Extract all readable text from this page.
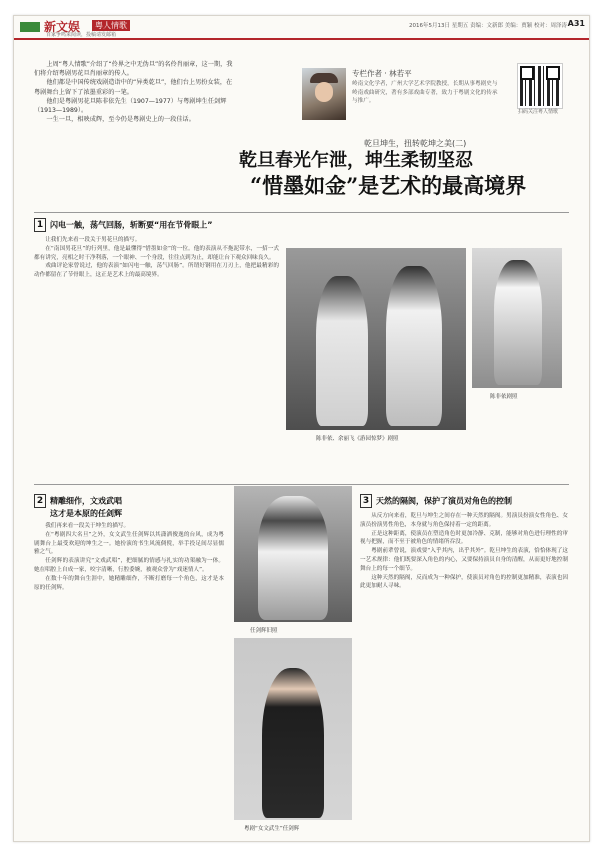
新文娱	粤人情歌
百家争鸣来阅读，投稿请发邮箱
2016年5月13日 星期五 责编：文新郎 美编：贾颖 校对：周泽涛 A31

上周“粤人情歌”介绍了“伶界之中无伪旦”的名伶肖丽章，这一期，我们将介绍粤剧男花旦肖丽章的传人。

他们都是中国传统戏剧造诣中的“异类乾旦”，他们台上男扮女装，在粤剧舞台上留下了浓墨重彩的一笔。

他们是粤剧男花旦陈非依先生（1907—1977）与粤剧坤生任剑辉（1913—1989）。

一生一旦，相映成辉，至今仍是粤剧史上的一段佳话。

专栏作者 · 林若平
岭南文化学者，广州大学艺术学院教授，长期从事粤剧史与岭南戏曲研究，著有多部戏曲专著，致力于粤剧文化的传承与推广。
扫码关注粤人情歌
乾旦坤生，扭转乾坤之美(二)
乾旦春光乍泄，坤生柔韧坚忍
“惜墨如金”是艺术的最高境界
1 闪电一触，荡气回肠，斩断要“用在节骨眼上”

让我们先来看一段关于男花旦的描写。

在“南国男花旦”的行列里，他是最懂得“惜墨如金”的一位。他的表演从不拖泥带水，一招一式都有讲究，亮相之时干净利落，一个眼神、一个身段，往往点到为止，却能让台下观众回味良久。

戏曲评论家曾说过，他的表演“如闪电一触，荡气回肠”。所谓好钢用在刀刃上，他把最精彩的动作都留在了节骨眼上，这正是艺术上的最高境界。

陈非依、余丽飞《游园惊梦》剧照
陈非依剧照
2 精雕细作，文戏武唱
这才是本原的任剑辉

我们再来看一段关于坤生的描写。

在“粤剧四大名旦”之外，女文武生任剑辉以其潇洒俊逸的台风，成为粤剧舞台上最受欢迎的坤生之一。她扮演的书生风流倜傥，举手投足间尽显儒雅之气。

任剑辉的表演讲究“文戏武唱”，把细腻的情感与扎实的功架融为一体。她在唱腔上自成一家，咬字清晰，行腔委婉，被观众誉为“戏迷情人”。

在数十年的舞台生涯中，她精雕细作，不断打磨每一个角色，这才是本原的任剑辉。

任剑辉旧照
粤剧“女文武生”任剑辉
3 天然的隔阂，保护了演员对角色的控制

从反方向来看，乾旦与坤生之间存在一种天然的隔阂。男演员扮演女性角色、女演员扮演男性角色，本身就与角色保持着一定的距离。

正是这种距离，使演员在塑造角色时更加冷静、克制，能够对角色进行理性的审视与把握，而不至于被角色的情绪所吞没。

粤剧前辈曾说，演戏要“入乎其内，出乎其外”。乾旦坤生的表演，恰恰体现了这一艺术规律：他们既要深入角色的内心，又要保持演员自身的清醒，从而更好地控制舞台上的每一个细节。

这种天然的隔阂，反而成为一种保护，使演员对角色的控制更加精准，表演也因此更加耐人寻味。
